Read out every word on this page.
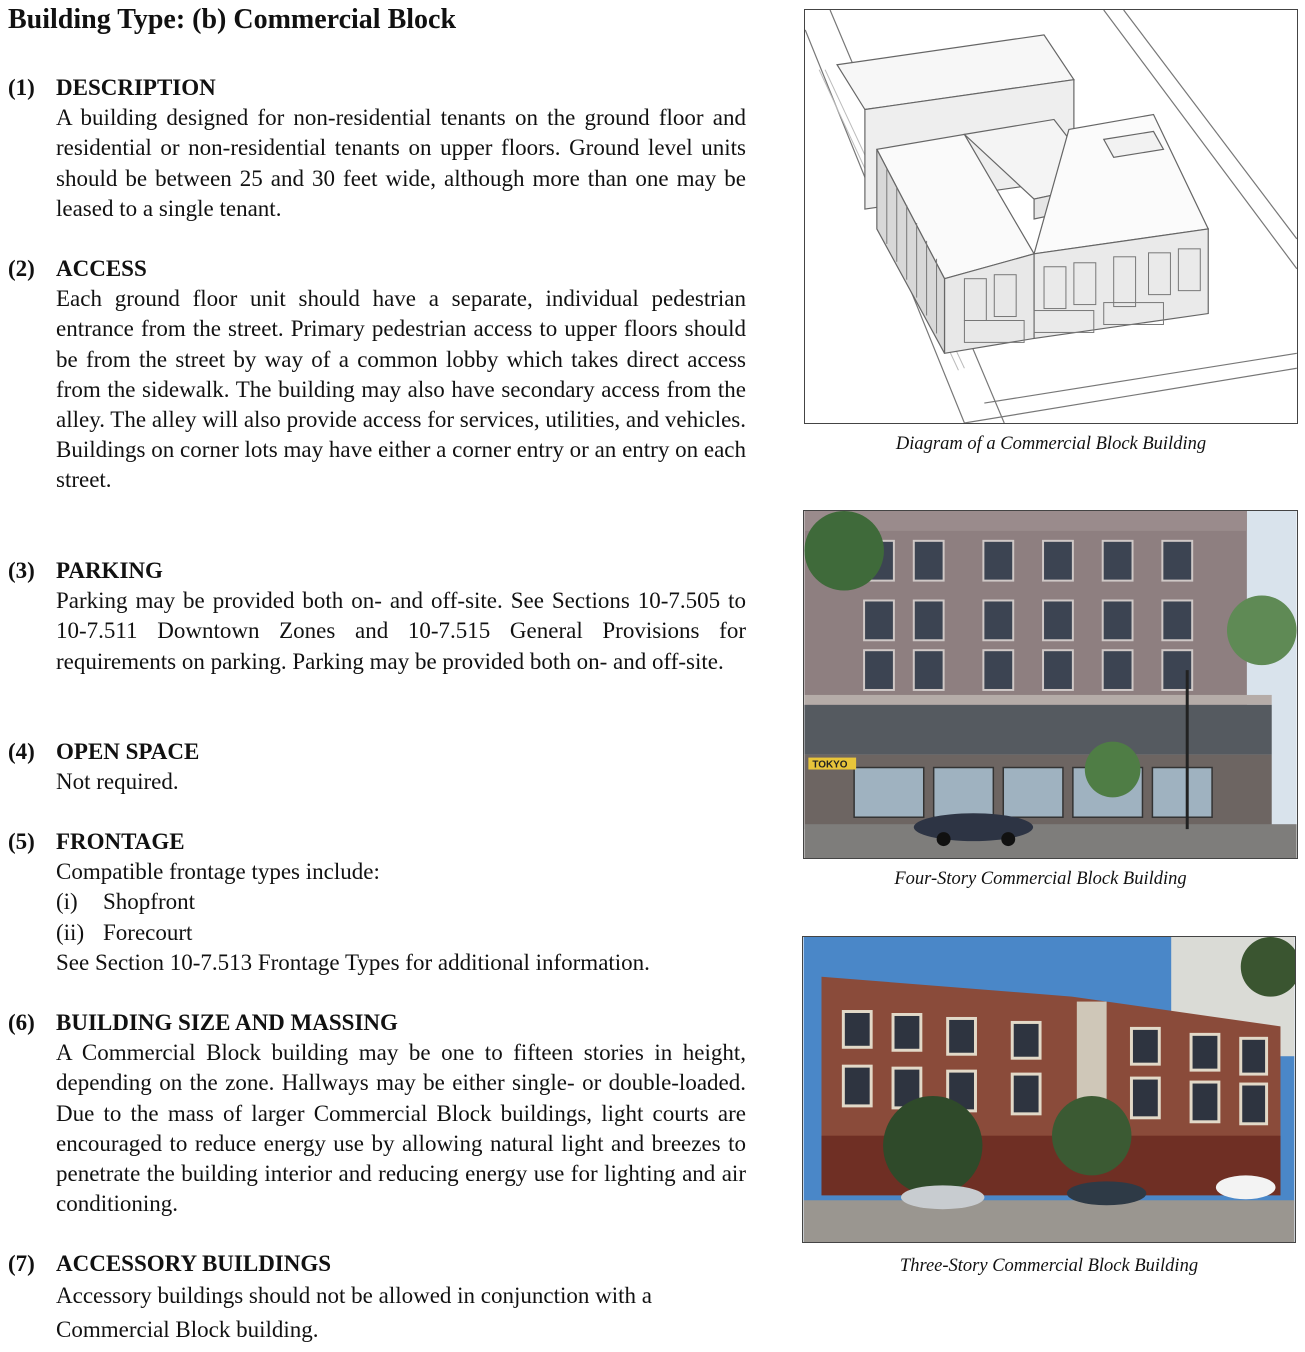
Building Type: (b) Commercial Block
(1) DESCRIPTION
A building designed for non-residential tenants on the ground floor and residential or non-residential tenants on upper floors. Ground level units should be between 25 and 30 feet wide, although more than one may be leased to a single tenant.
(2) ACCESS
Each ground floor unit should have a separate, individual pedestrian entrance from the street. Primary pedestrian access to upper floors should be from the street by way of a common lobby which takes direct access from the sidewalk. The building may also have secondary access from the alley. The alley will also provide access for services, utilities, and vehicles. Buildings on corner lots may have either a corner entry or an entry on each street.
(3) PARKING
Parking may be provided both on- and off-site. See Sections 10-7.505 to 10-7.511 Downtown Zones and 10-7.515 General Provisions for requirements on parking. Parking may be provided both on- and off-site.
(4) OPEN SPACE
Not required.
(5) FRONTAGE
Compatible frontage types include:
(i) Shopfront
(ii) Forecourt
See Section 10-7.513 Frontage Types for additional information.
(6) BUILDING SIZE AND MASSING
A Commercial Block building may be one to fifteen stories in height, depending on the zone. Hallways may be either single- or double-loaded. Due to the mass of larger Commercial Block buildings, light courts are encouraged to reduce energy use by allowing natural light and breezes to penetrate the building interior and reducing energy use for lighting and air conditioning.
(7) ACCESSORY BUILDINGS
Accessory buildings should not be allowed in conjunction with a Commercial Block building.
Diagram of a Commercial Block Building
TOKYO
Four-Story Commercial Block Building
Three-Story Commercial Block Building
